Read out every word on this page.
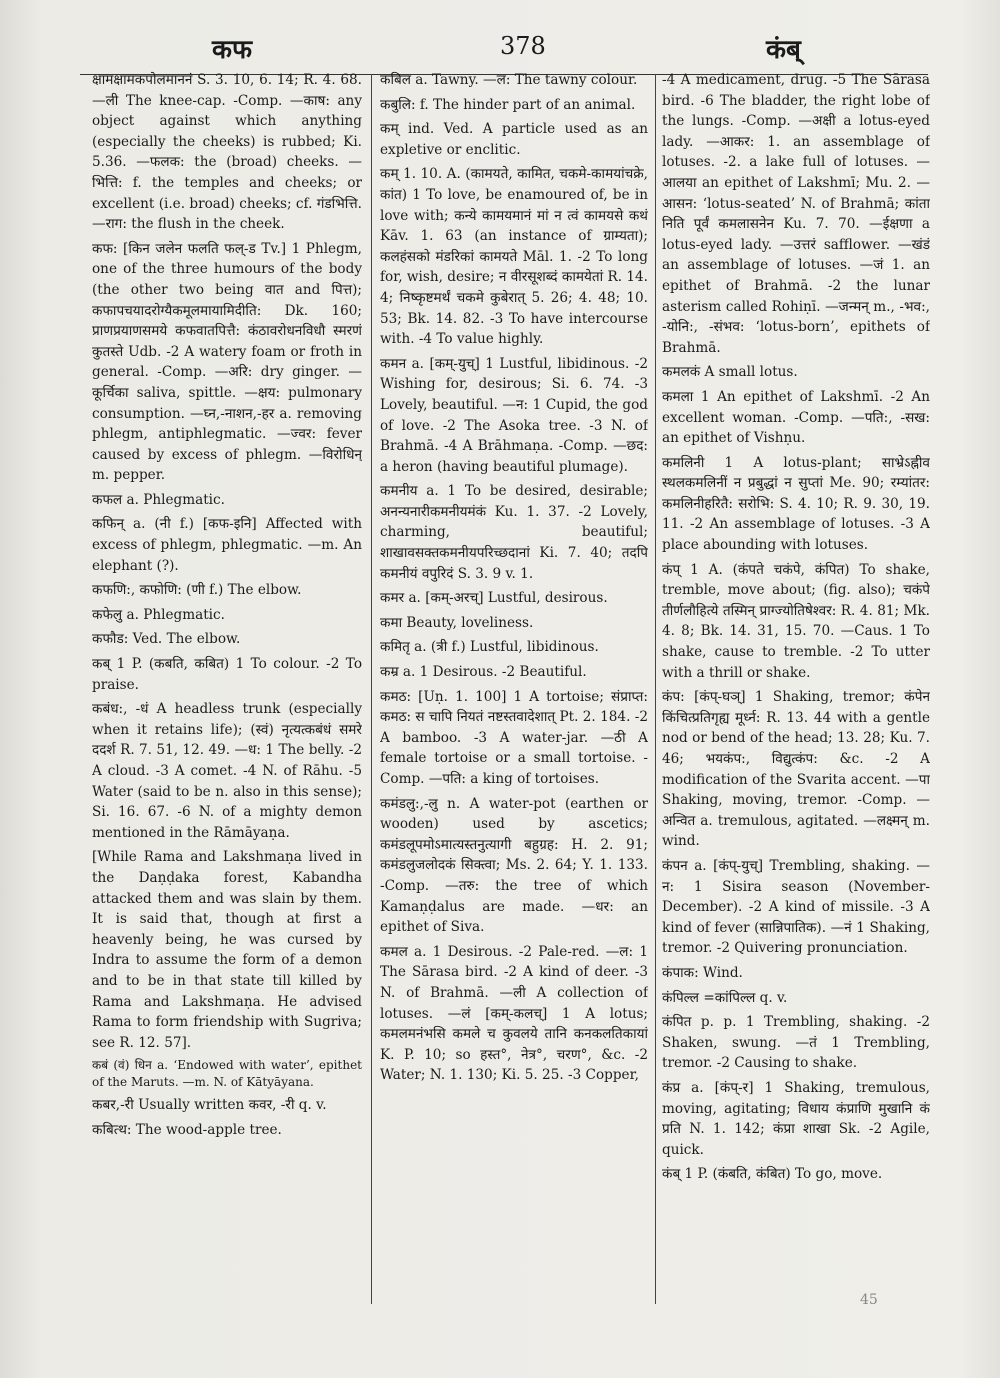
कफ	378	कंब्

क्षामक्षामकपोलमाननं S. 3. 10, 6. 14; R. 4. 68. —ली The knee-cap. -Comp. —काष: any object against which anything (especially the cheeks) is rubbed; Ki. 5.36. —फलक: the (broad) cheeks. —भित्ति: f. the temples and cheeks; or excellent (i.e. broad) cheeks; cf. गंडभित्ति. —राग: the flush in the cheek.

कफ: [किन जलेन फलति फल्-ड Tv.] 1 Phlegm, one of the three humours of the body (the other two being वात and पित्त); कफापचयादरोग्यैकमूलमायामिदीति: Dk. 160; प्राणप्रयाणसमये कफवातपित्तै: कंठावरोधनविधौ स्मरणं कुतस्ते Udb. -2 A watery foam or froth in general. -Comp. —अरि: dry ginger. —कूर्चिका saliva, spittle. —क्षय: pulmonary consumption. —घ्न,-नाशन,-हर a. removing phlegm, antiphlegmatic. —ज्वर: fever caused by excess of phlegm. —विरोधिन् m. pepper.

कफल a. Phlegmatic.

कफिन् a. (नी f.) [कफ-इनि] Affected with excess of phlegm, phlegmatic. —m. An elephant (?).

कफणि:, कफोणि: (णी f.) The elbow.

कफेलु a. Phlegmatic.

कफौड: Ved. The elbow.

कब् 1 P. (कबति, कबित) 1 To colour. -2 To praise.

कबंध:, -धं A headless trunk (especially when it retains life); (स्वं) नृत्यत्कबंधं समरे ददर्श R. 7. 51, 12. 49. —ध: 1 The belly. -2 A cloud. -3 A comet. -4 N. of Rāhu. -5 Water (said to be n. also in this sense); Si. 16. 67. -6 N. of a mighty demon mentioned in the Rāmāyaṇa.

[While Rama and Lakshmaṇa lived in the Daṇḍaka forest, Kabandha attacked them and was slain by them. It is said that, though at first a heavenly being, he was cursed by Indra to assume the form of a demon and to be in that state till killed by Rama and Lakshmaṇa. He advised Rama to form friendship with Sugriva; see R. 12. 57].

कबं (वं) धिन a. ‘Endowed with water’, epithet of the Maruts. —m. N. of Kātyāyana.

कबर,-री Usually written कवर, -री q. v.

कबित्थ: The wood-apple tree.

कबिल a. Tawny. —ल: The tawny colour.

कबुलि: f. The hinder part of an animal.

कम् ind. Ved. A particle used as an expletive or enclitic.

कम् 1. 10. A. (कामयते, कामित, चकमे-कामयांचक्रे, कांत) 1 To love, be enamoured of, be in love with; कन्ये कामयमानं मां न त्वं कामयसे कथं Kāv. 1. 63 (an instance of ग्राम्यता); कलहंसको मंडरिकां कामयते Māl. 1. -2 To long for, wish, desire; न वीरसूशब्दं कामयेतां R. 14. 4; निष्कृष्टमर्थं चकमे कुबेरात् 5. 26; 4. 48; 10. 53; Bk. 14. 82. -3 To have intercourse with. -4 To value highly.

कमन a. [कम्-युच्] 1 Lustful, libidinous. -2 Wishing for, desirous; Si. 6. 74. -3 Lovely, beautiful. —न: 1 Cupid, the god of love. -2 The Asoka tree. -3 N. of Brahmā. -4 A Brāhmaṇa. -Comp. —छद: a heron (having beautiful plumage).

कमनीय a. 1 To be desired, desirable; अनन्यनारीकमनीयमंकं Ku. 1. 37. -2 Lovely, charming, beautiful; शाखावसक्तकमनीयपरिच्छदानां Ki. 7. 40; तदपि कमनीयं वपुरिदं S. 3. 9 v. 1.

कमर a. [कम्-अरच्] Lustful, desirous.

कमा Beauty, loveliness.

कमितृ a. (त्री f.) Lustful, libidinous.

कम्र a. 1 Desirous. -2 Beautiful.

कमठ: [Uṇ. 1. 100] 1 A tortoise; संप्राप्त: कमठ: स चापि नियतं नष्टस्तवादेशात् Pt. 2. 184. -2 A bamboo. -3 A water-jar. —ठी A female tortoise or a small tortoise. -Comp. —पति: a king of tortoises.

कमंडलु:,-लु n. A water-pot (earthen or wooden) used by ascetics; कमंडलूपमोऽमात्यस्तनुत्यागी बहुग्रह: H. 2. 91; कमंडलुजलोदकं सिक्त्वा; Ms. 2. 64; Y. 1. 133. -Comp. —तरु: the tree of which Kamaṇḍalus are made. —धर: an epithet of Siva.

कमल a. 1 Desirous. -2 Pale-red. —ल: 1 The Sārasa bird. -2 A kind of deer. -3 N. of Brahmā. —ली A collection of lotuses. —लं [कम्-कलच्] 1 A lotus; कमलमनंभसि कमले च कुवलये तानि कनकलतिकायां K. P. 10; so हस्त°, नेत्र°, चरण°, &c. -2 Water; N. 1. 130; Ki. 5. 25. -3 Copper,

-4 A medicament, drug. -5 The Sārasa bird. -6 The bladder, the right lobe of the lungs. -Comp. —अक्षी a lotus-eyed lady. —आकर: 1. an assemblage of lotuses. -2. a lake full of lotuses. —आलया an epithet of Lakshmī; Mu. 2. —आसन: ‘lotus-seated’ N. of Brahmā; कांता निति पूर्वं कमलासनेन Ku. 7. 70. —ईक्षणा a lotus-eyed lady. —उत्तरं safflower. —खंडं an assemblage of lotuses. —जं 1. an epithet of Brahmā. -2 the lunar asterism called Rohiṇī. —जन्मन् m., -भव:, -योनि:, -संभव: ‘lotus-born’, epithets of Brahmā.

कमलकं A small lotus.

कमला 1 An epithet of Lakshmī. -2 An excellent woman. -Comp. —पति:, -सख: an epithet of Vishṇu.

कमलिनी 1 A lotus-plant; साभ्रेऽह्नीव स्थलकमलिनीं न प्रबुद्धां न सुप्तां Me. 90; रम्यांतर: कमलिनीहरितै: सरोभि: S. 4. 10; R. 9. 30, 19. 11. -2 An assemblage of lotuses. -3 A place abounding with lotuses.

कंप् 1 A. (कंपते चकंपे, कंपित) To shake, tremble, move about; (fig. also); चकंपे तीर्णलौहित्ये तस्मिन् प्राग्ज्योतिषेश्वर: R. 4. 81; Mk. 4. 8; Bk. 14. 31, 15. 70. —Caus. 1 To shake, cause to tremble. -2 To utter with a thrill or shake.

कंप: [कंप्-घञ्] 1 Shaking, tremor; कंपेन किंचित्प्रतिगृह्य मूर्ध्न: R. 13. 44 with a gentle nod or bend of the head; 13. 28; Ku. 7. 46; भयकंप:, विद्युत्कंप: &c. -2 A modification of the Svarita accent. —पा Shaking, moving, tremor. -Comp. —अन्वित a. tremulous, agitated. —लक्ष्मन् m. wind.

कंपन a. [कंप्-युच्] Trembling, shaking. —न: 1 Sisira season (November-December). -2 A kind of missile. -3 A kind of fever (सान्निपातिक). —नं 1 Shaking, tremor. -2 Quivering pronunciation.

कंपाक: Wind.

कंपिल्ल =कांपिल्ल q. v.

कंपित p. p. 1 Trembling, shaking. -2 Shaken, swung. —तं 1 Trembling, tremor. -2 Causing to shake.

कंप्र a. [कंप्-र] 1 Shaking, tremulous, moving, agitating; विधाय कंप्राणि मुखानि कं प्रति N. 1. 142; कंप्रा शाखा Sk. -2 Agile, quick.

कंब् 1 P. (कंबति, कंबित) To go, move.

45
